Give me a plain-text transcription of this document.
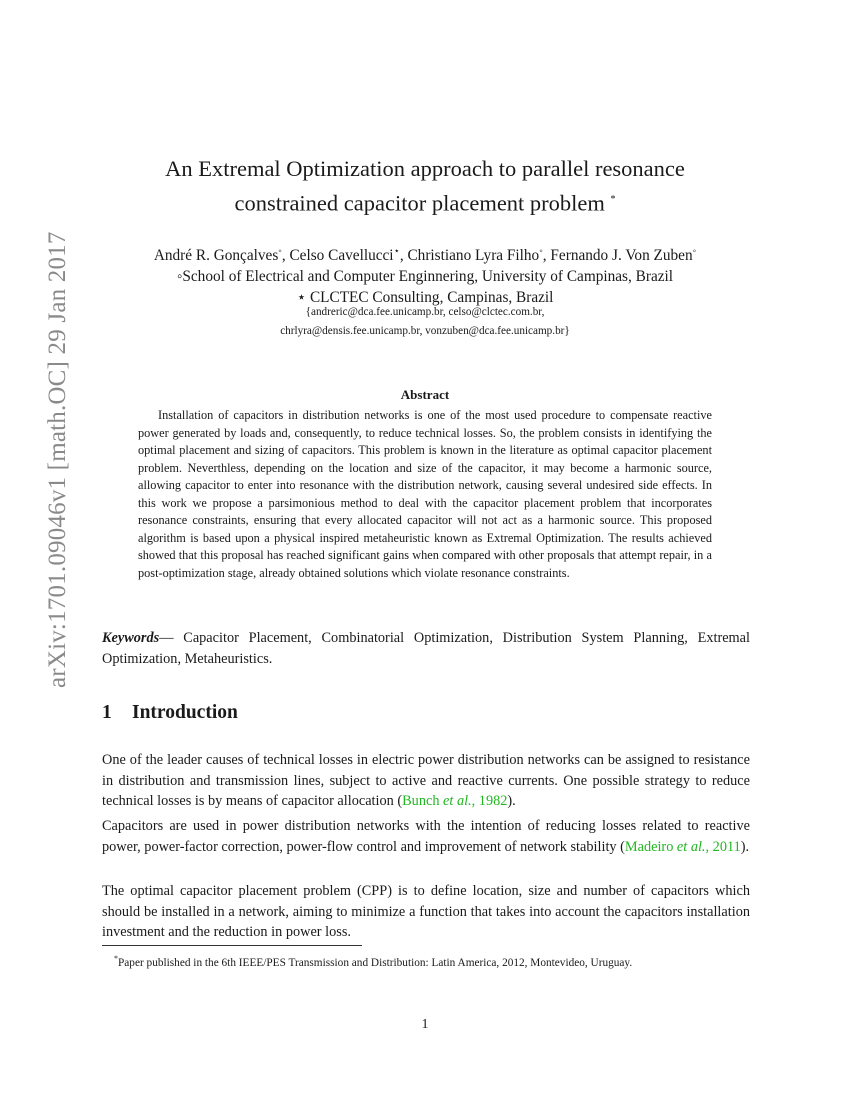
arXiv:1701.09046v1 [math.OC] 29 Jan 2017
An Extremal Optimization approach to parallel resonance
constrained capacitor placement problem *
André R. Gonçalves◦, Celso Cavellucci⋆, Christiano Lyra Filho◦, Fernando J. Von Zuben◦
◦School of Electrical and Computer Enginnering, University of Campinas, Brazil
⋆ CLCTEC Consulting, Campinas, Brazil
{andreric@dca.fee.unicamp.br, celso@clctec.com.br,
chrlyra@densis.fee.unicamp.br, vonzuben@dca.fee.unicamp.br}
Abstract
Installation of capacitors in distribution networks is one of the most used procedure to compensate reactive power generated by loads and, consequently, to reduce technical losses. So, the problem consists in identifying the optimal placement and sizing of capacitors. This problem is known in the literature as optimal capacitor placement problem. Neverthless, depending on the location and size of the capacitor, it may become a harmonic source, allowing capacitor to enter into resonance with the distribution network, causing several undesired side effects. In this work we propose a parsimonious method to deal with the capacitor placement problem that incorporates resonance constraints, ensuring that every allocated capacitor will not act as a harmonic source. This proposed algorithm is based upon a physical inspired metaheuristic known as Extremal Optimization. The results achieved showed that this proposal has reached significant gains when compared with other proposals that attempt repair, in a post-optimization stage, already obtained solutions which violate resonance constraints.
Keywords— Capacitor Placement, Combinatorial Optimization, Distribution System Planning, Extremal Optimization, Metaheuristics.
1 Introduction
One of the leader causes of technical losses in electric power distribution networks can be assigned to resistance in distribution and transmission lines, subject to active and reactive currents. One possible strategy to reduce technical losses is by means of capacitor allocation (Bunch et al., 1982).
Capacitors are used in power distribution networks with the intention of reducing losses related to reactive power, power-factor correction, power-flow control and improvement of network stability (Madeiro et al., 2011).
The optimal capacitor placement problem (CPP) is to define location, size and number of capacitors which should be installed in a network, aiming to minimize a function that takes into account the capacitors installation investment and the reduction in power loss.
*Paper published in the 6th IEEE/PES Transmission and Distribution: Latin America, 2012, Montevideo, Uruguay.
1
